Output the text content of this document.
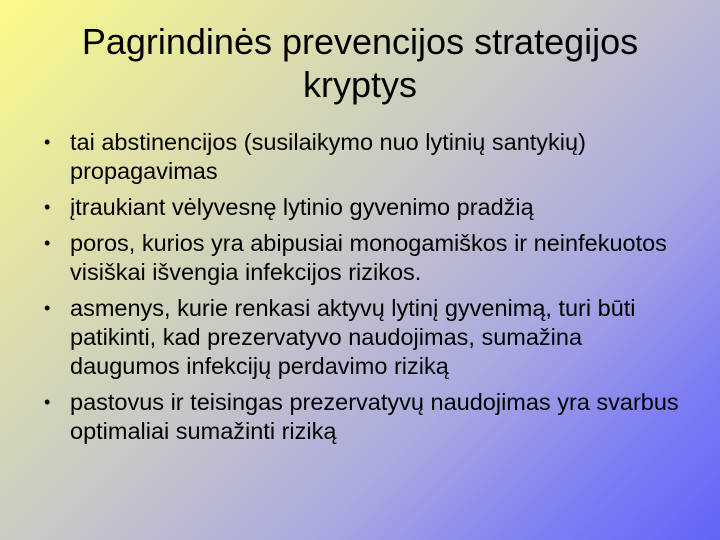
Pagrindinės prevencijos strategijos kryptys
• tai abstinencijos (susilaikymo nuo lytinių santykių) propagavimas
• įtraukiant vėlyvesnę lytinio gyvenimo pradžią
• poros, kurios yra abipusiai monogamiškos ir neinfekuotos visiškai išvengia infekcijos rizikos.
• asmenys, kurie renkasi aktyvų lytinį gyvenimą, turi būti patikinti, kad prezervatyvo naudojimas, sumažina daugumos infekcijų perdavimo riziką
• pastovus ir teisingas prezervatyvų naudojimas yra svarbus optimaliai sumažinti riziką
